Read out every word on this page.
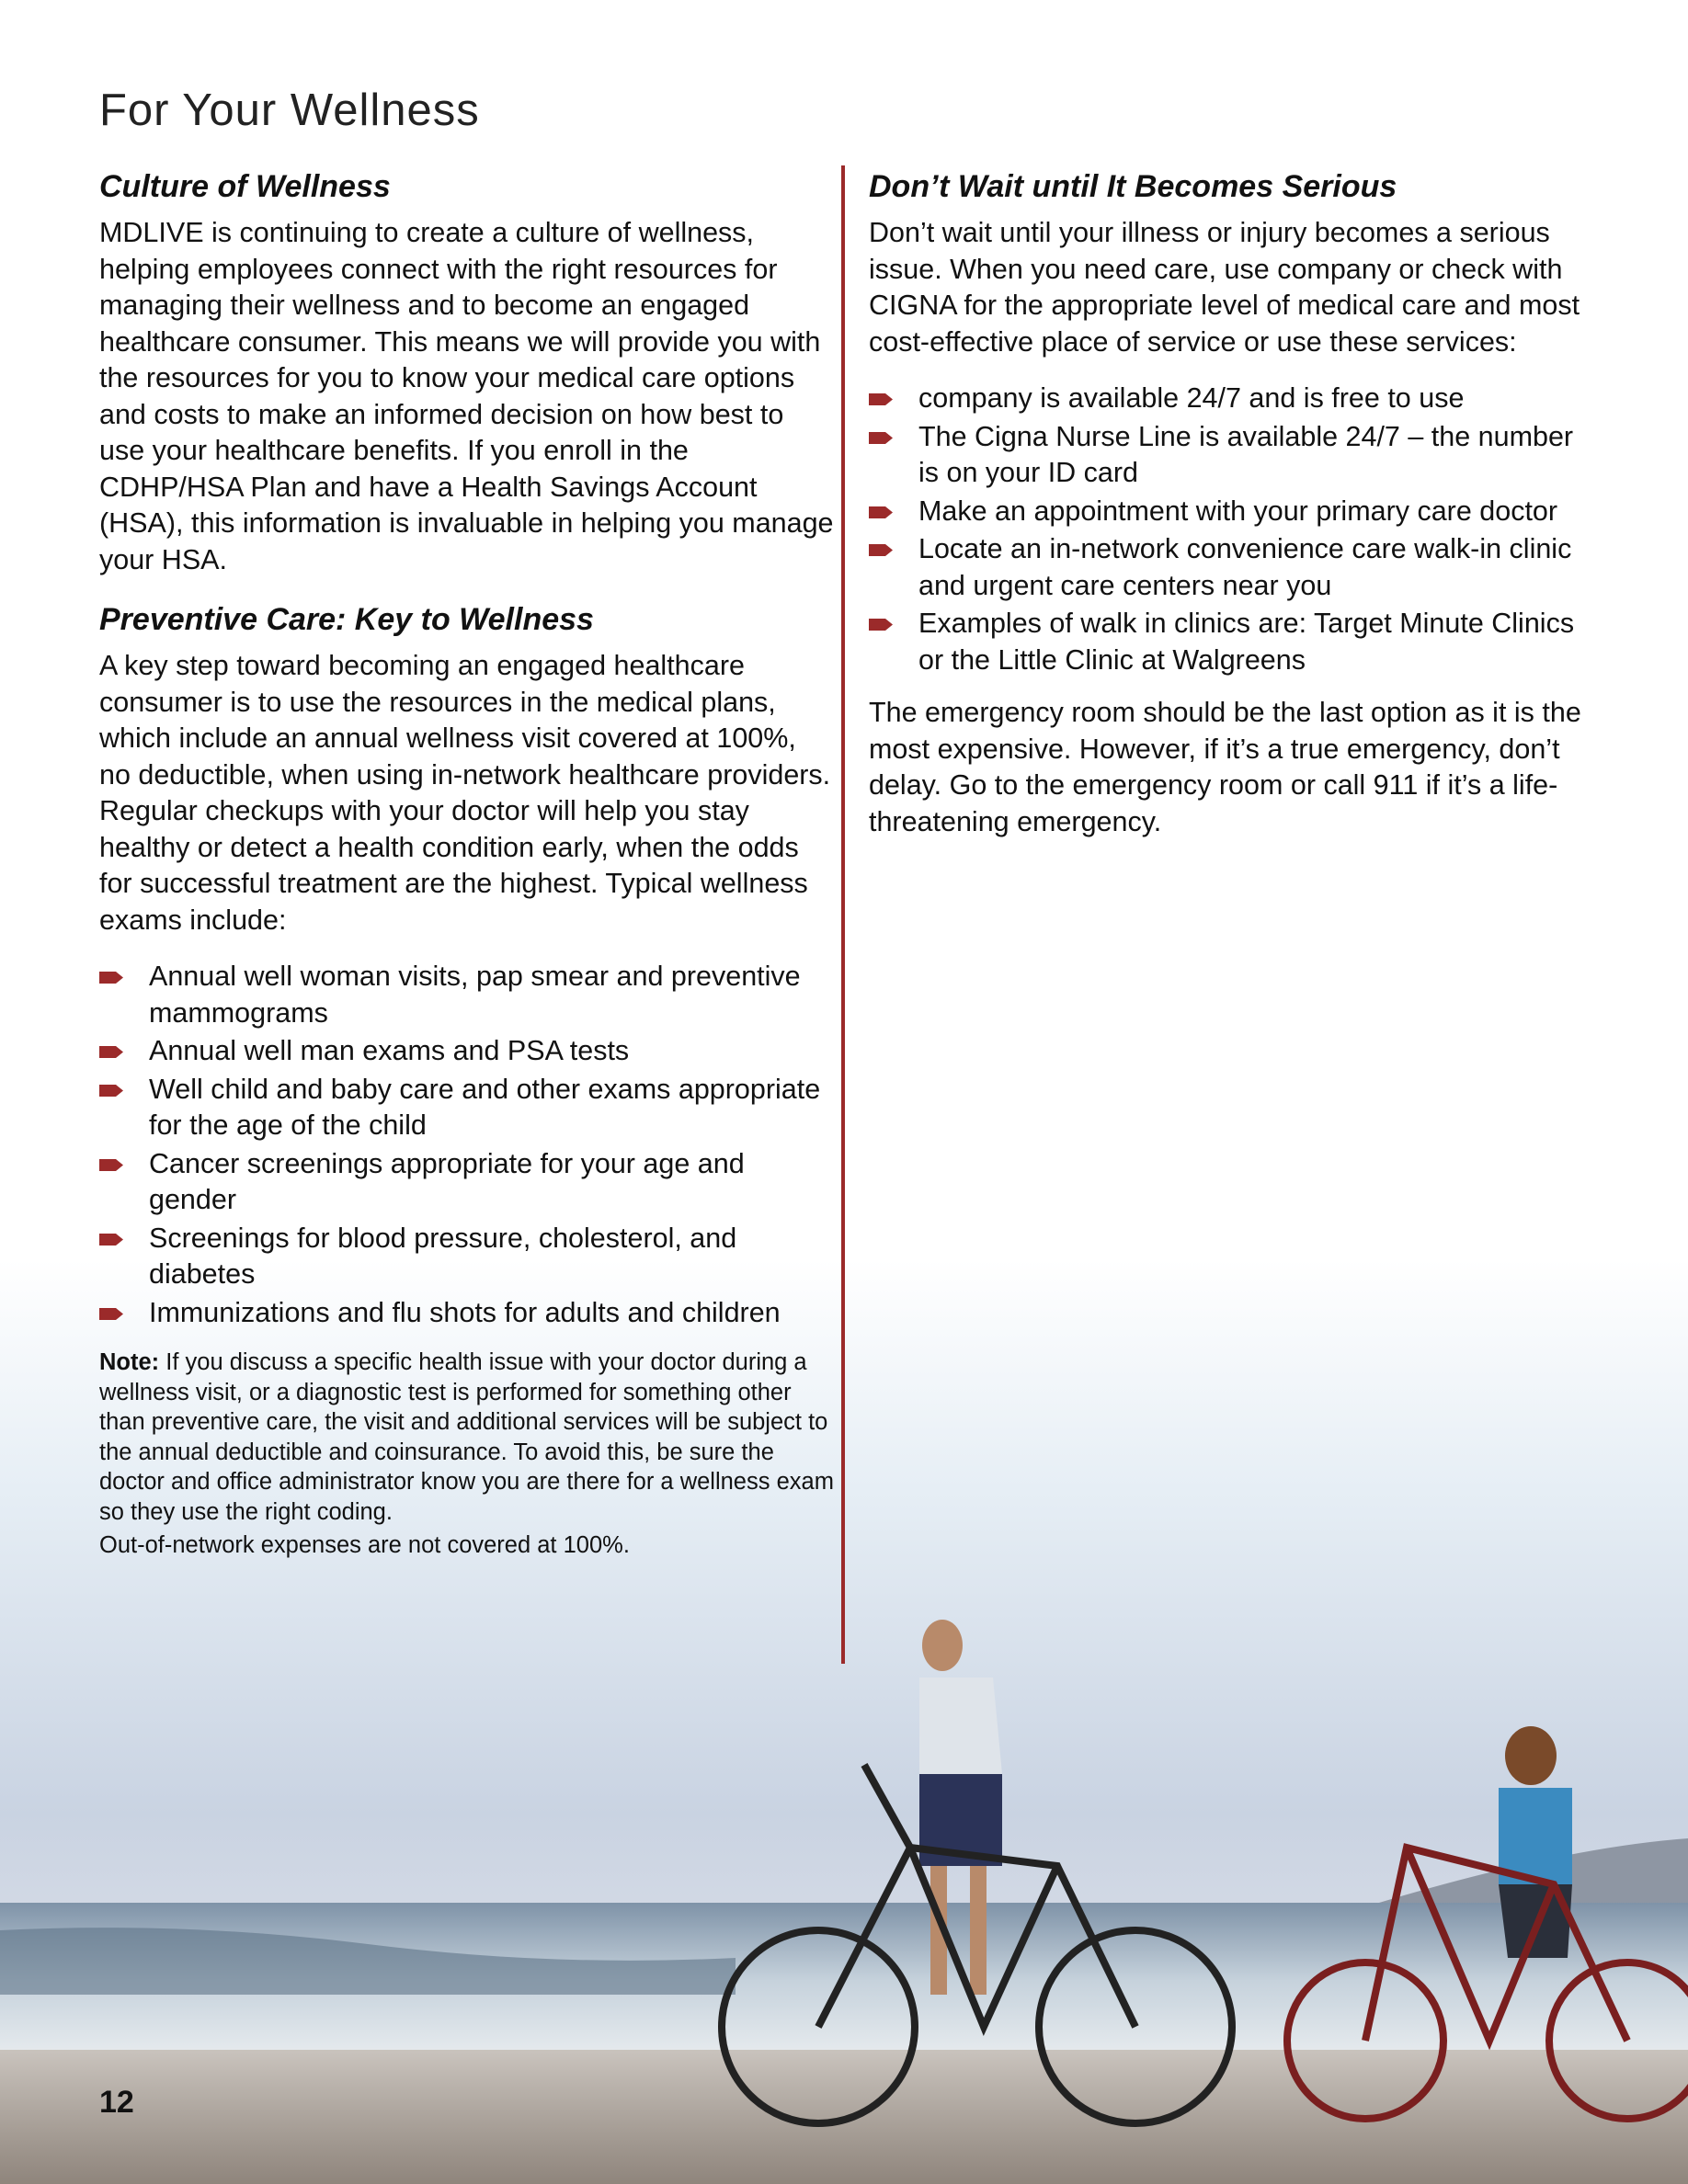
For Your Wellness
Culture of Wellness

MDLIVE is continuing to create a culture of wellness, helping employees connect with the right resources for managing their wellness and to become an engaged healthcare consumer. This means we will provide you with the resources for you to know your medical care options and costs to make an informed decision on how best to use your healthcare benefits. If you enroll in the CDHP/HSA Plan and have a Health Savings Account (HSA), this information is invaluable in helping you manage your HSA.

Preventive Care: Key to Wellness

A key step toward becoming an engaged healthcare consumer is to use the resources in the medical plans, which include an annual wellness visit covered at 100%, no deductible, when using in-network healthcare providers. Regular checkups with your doctor will help you stay healthy or detect a health condition early, when the odds for successful treatment are the highest. Typical wellness exams include:

Annual well woman visits, pap smear and preventive mammograms
Annual well man exams and PSA tests
Well child and baby care and other exams appropriate for the age of the child
Cancer screenings appropriate for your age and gender
Screenings for blood pressure, cholesterol, and diabetes
Immunizations and flu shots for adults and children

Note: If you discuss a specific health issue with your doctor during a wellness visit, or a diagnostic test is performed for something other than preventive care, the visit and additional services will be subject to the annual deductible and coinsurance. To avoid this, be sure the doctor and office administrator know you are there for a wellness exam so they use the right coding.

Out-of-network expenses are not covered at 100%.

Don’t Wait until It Becomes Serious

Don’t wait until your illness or injury becomes a serious issue. When you need care, use company or check with CIGNA for the appropriate level of medical care and most cost-effective place of service or use these services:

company is available 24/7 and is free to use
The Cigna Nurse Line is available 24/7 – the number is on your ID card
Make an appointment with your primary care doctor
Locate an in-network convenience care walk-in clinic and urgent care centers near you
Examples of walk in clinics are: Target Minute Clinics or the Little Clinic at Walgreens

The emergency room should be the last option as it is the most expensive. However, if it’s a true emergency, don’t delay. Go to the emergency room or call 911 if it’s a life-threatening emergency.

12
